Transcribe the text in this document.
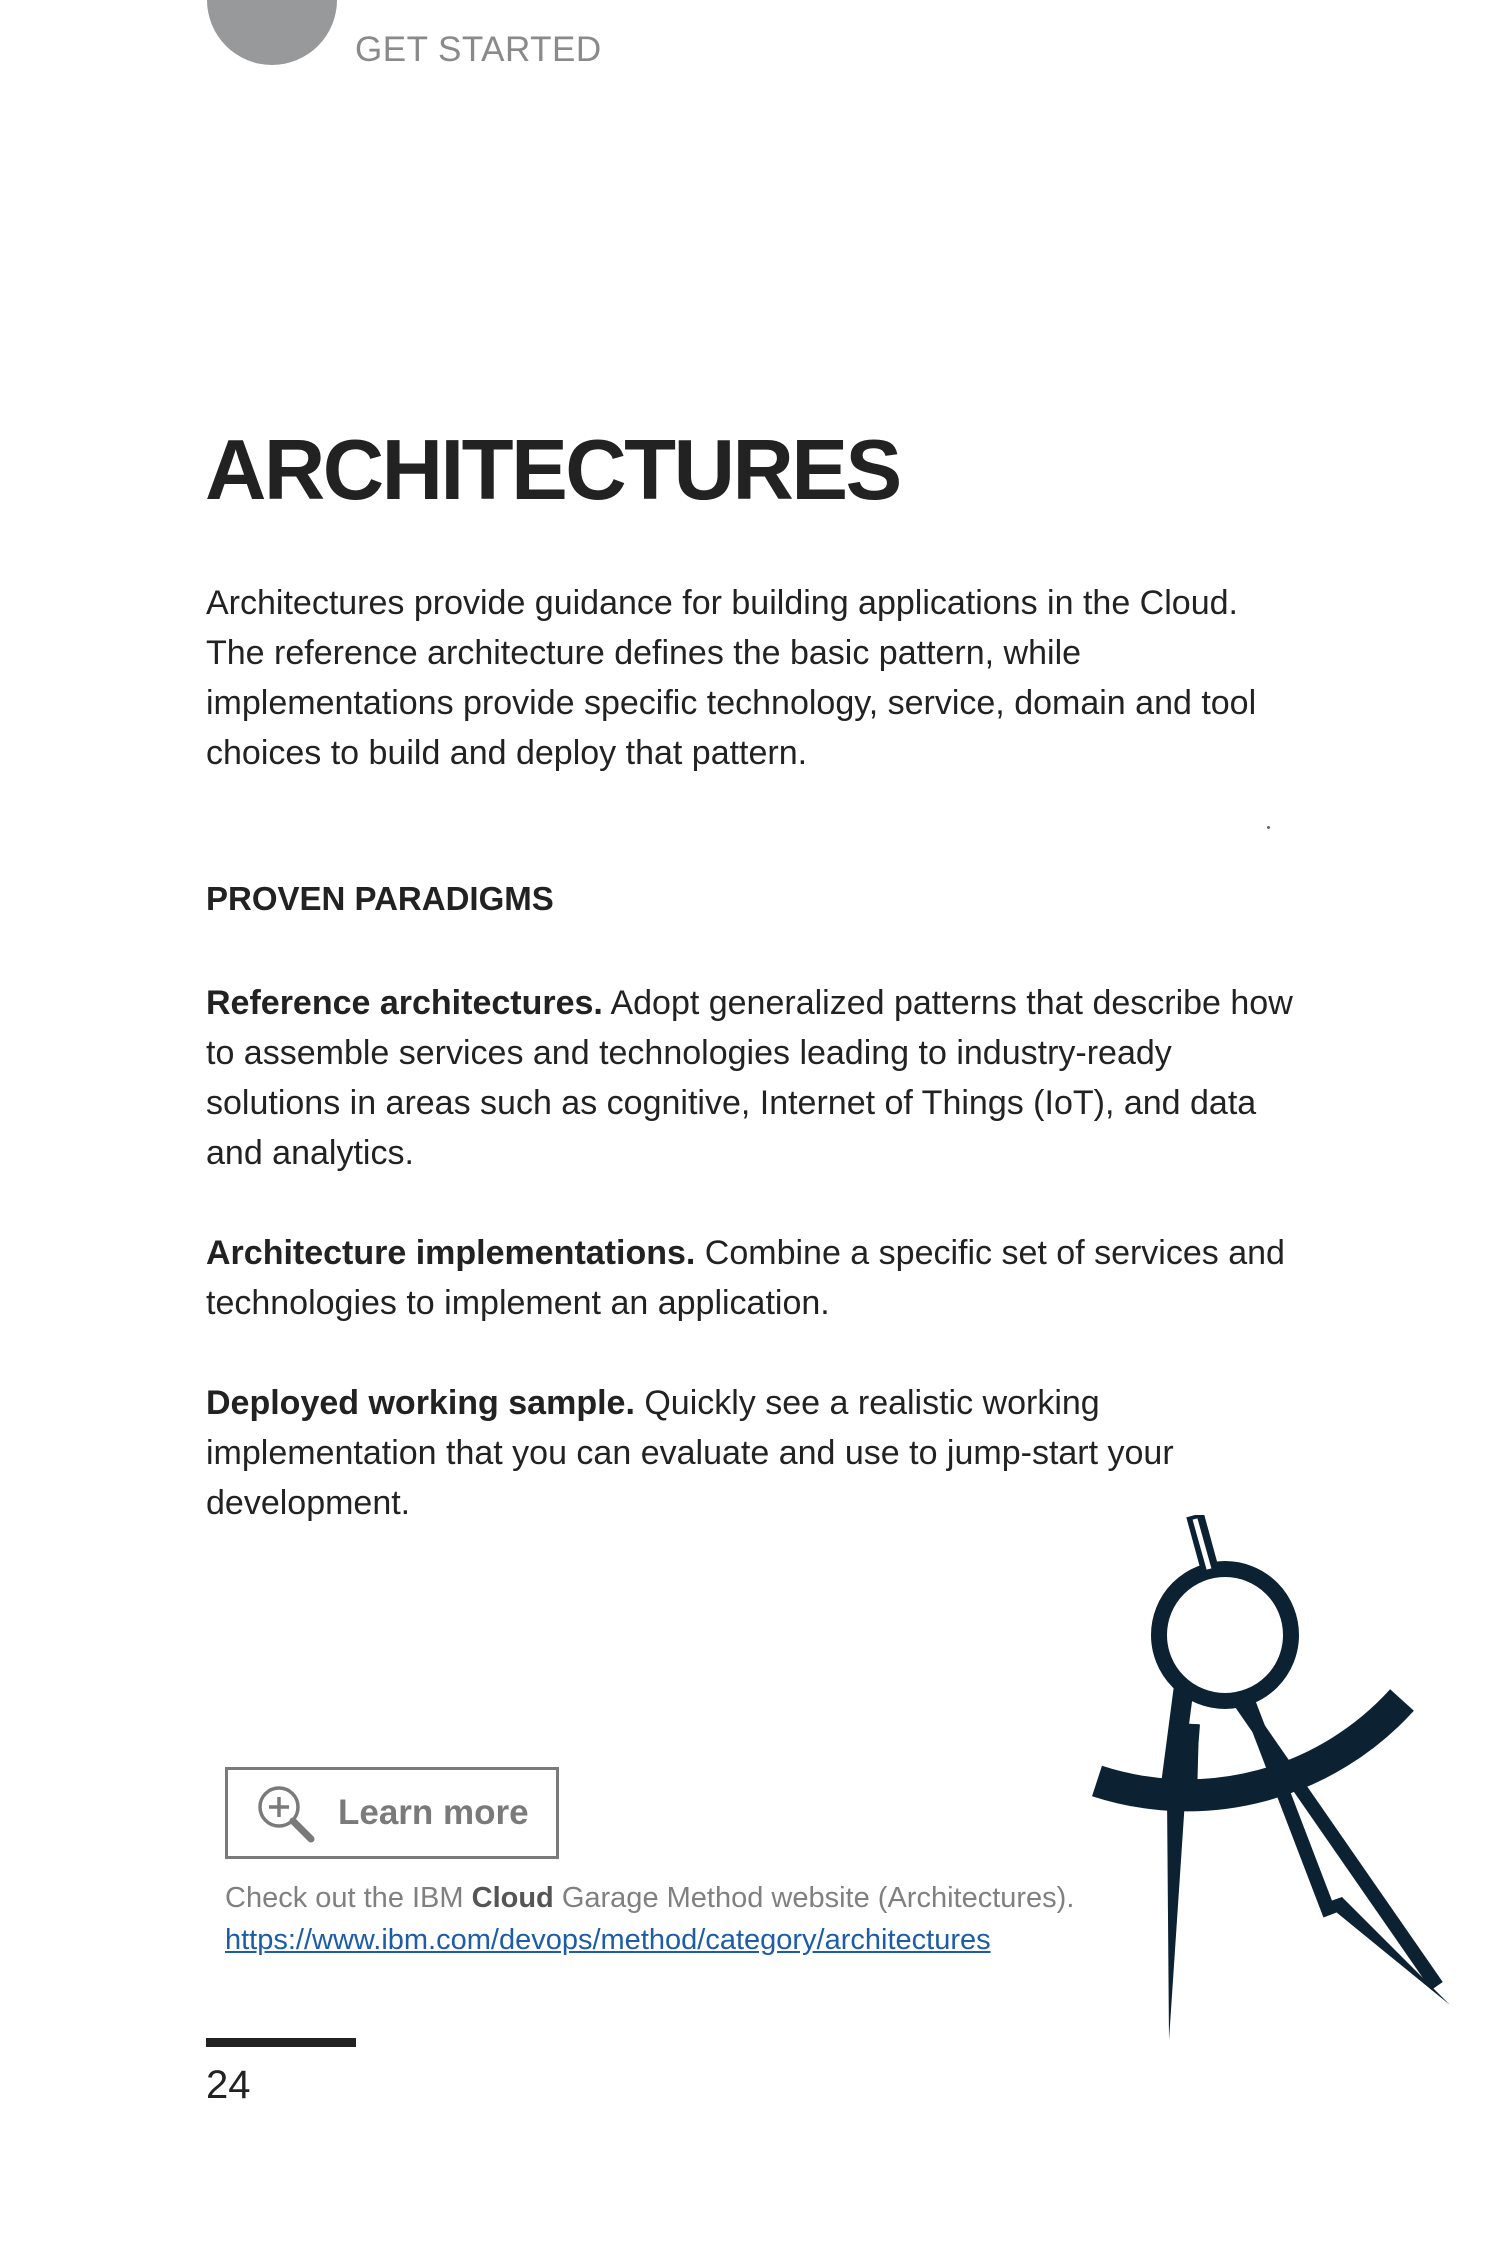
GET STARTED
ARCHITECTURES

Architectures provide guidance for building applications in the Cloud. The reference architecture defines the basic pattern, while implementations provide specific technology, service, domain and tool choices to build and deploy that pattern.

PROVEN PARADIGMS

Reference architectures. Adopt generalized patterns that describe how to assemble services and technologies leading to industry-ready solutions in areas such as cognitive, Internet of Things (IoT), and data and analytics.

Architecture implementations. Combine a specific set of services and technologies to implement an application.

Deployed working sample. Quickly see a realistic working implementation that you can evaluate and use to jump-start your development.

Learn more
Check out the IBM Cloud Garage Method website (Architectures).
https://www.ibm.com/devops/method/category/architectures
24
